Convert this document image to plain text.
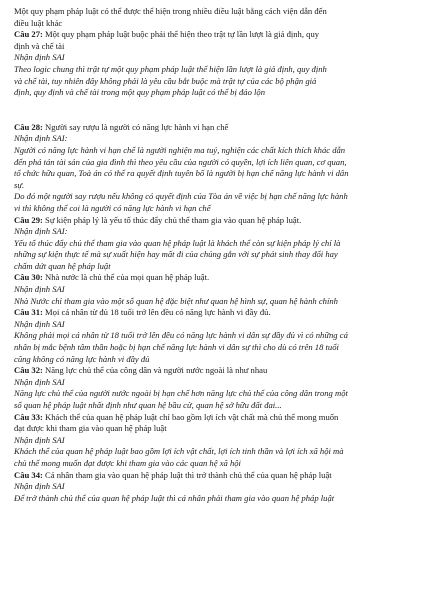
Một quy phạm pháp luật có thể được thể hiện trong nhiều điều luật bằng cách viện dẫn đến
điều luật khác
Câu 27: Một quy phạm pháp luật buộc phải thể hiện theo trật tự lần lượt là giả định, quy
định và chế tài
Nhận định SAI
Theo logic chung thì trật tự một quy phạm pháp luật thể hiện lần lượt là giả định, quy định
và chế tài, tuy nhiên đây không phải là yêu cầu bắt buộc mà trật tự của các bộ phận giả
định, quy định và chế tài trong một quy phạm pháp luật có thể bị đảo lộn
Câu 28: Người say rượu là người có năng lực hành vi hạn chế
Nhận định SAI:
Người có năng lực hành vi hạn chế là người nghiện ma tuý, nghiện các chất kích thích khác dẫn
đến phá tán tài sản của gia đình thì theo yêu cầu của người có quyền, lợi ích liên quan, cơ quan,
tổ chức hữu quan, Toà án có thể ra quyết định tuyên bố là người bị hạn chế năng lực hành vi dân
sự.
Do đó một người say rượu nếu không có quyết định của Tòa án về việc bị hạn chế năng lực hành
vi thì không thể coi là người có năng lực hành vi hạn chế
Câu 29: Sự kiện pháp lý là yếu tố thúc đẩy chủ thể tham gia vào quan hệ pháp luật.
Nhận định SAI:
Yếu tố thúc đẩy chủ thể tham gia vào quan hệ pháp luật là khách thể còn sự kiện pháp lý chỉ là
những sự kiện thực tế mà sự xuất hiện hay mất đi của chúng gắn với sự phát sinh thay đổi hay
chấm dứt quan hệ pháp luật
Câu 30: Nhà nước là chủ thể của mọi quan hệ pháp luật.
Nhận định SAI
Nhà Nước chỉ tham gia vào một số quan hệ đặc biệt như quan hệ hình sự, quan hệ hành chính
Câu 31: Mọi cá nhân từ đủ 18 tuổi trở lên đều có năng lực hành vi đầy đủ.
Nhận định SAI
Không phải mọi cá nhân từ 18 tuổi trở lên đều có năng lực hành vi dân sự đầy đủ vì có những cá
nhân bị mắc bệnh tâm thần hoặc bị hạn chế năng lực hành vi dân sự thì cho dù có trên 18 tuổi
cũng không có năng lực hành vi đầy đủ
Câu 32: Năng lực chủ thể của công dân và người nước ngoài là như nhau
Nhận định SAI
Năng lực chủ thể của người nước ngoài bị hạn chế hơn năng lực chủ thể của công dân trong một
số quan hệ pháp luật nhất định như quan hệ bầu cử, quan hệ sở hữu đất đai...
Câu 33: Khách thể của quan hệ pháp luật chỉ bao gồm lợi ích vật chất mà chủ thể mong muốn
đạt được khi tham gia vào quan hệ pháp luật
Nhận định SAI
Khách thể của quan hệ pháp luật bao gồm lợi ích vật chất, lợi ích tinh thần và lợi ích xã hội mà
chủ thể mong muốn đạt được khi tham gia vào các quan hệ xã hội
Câu 34: Cá nhân tham gia vào quan hệ pháp luật thì trở thành chủ thể của quan hệ pháp luật
Nhận định SAI
Để trở thành chủ thể của quan hệ pháp luật thì cá nhân phải tham gia vào quan hệ pháp luật
